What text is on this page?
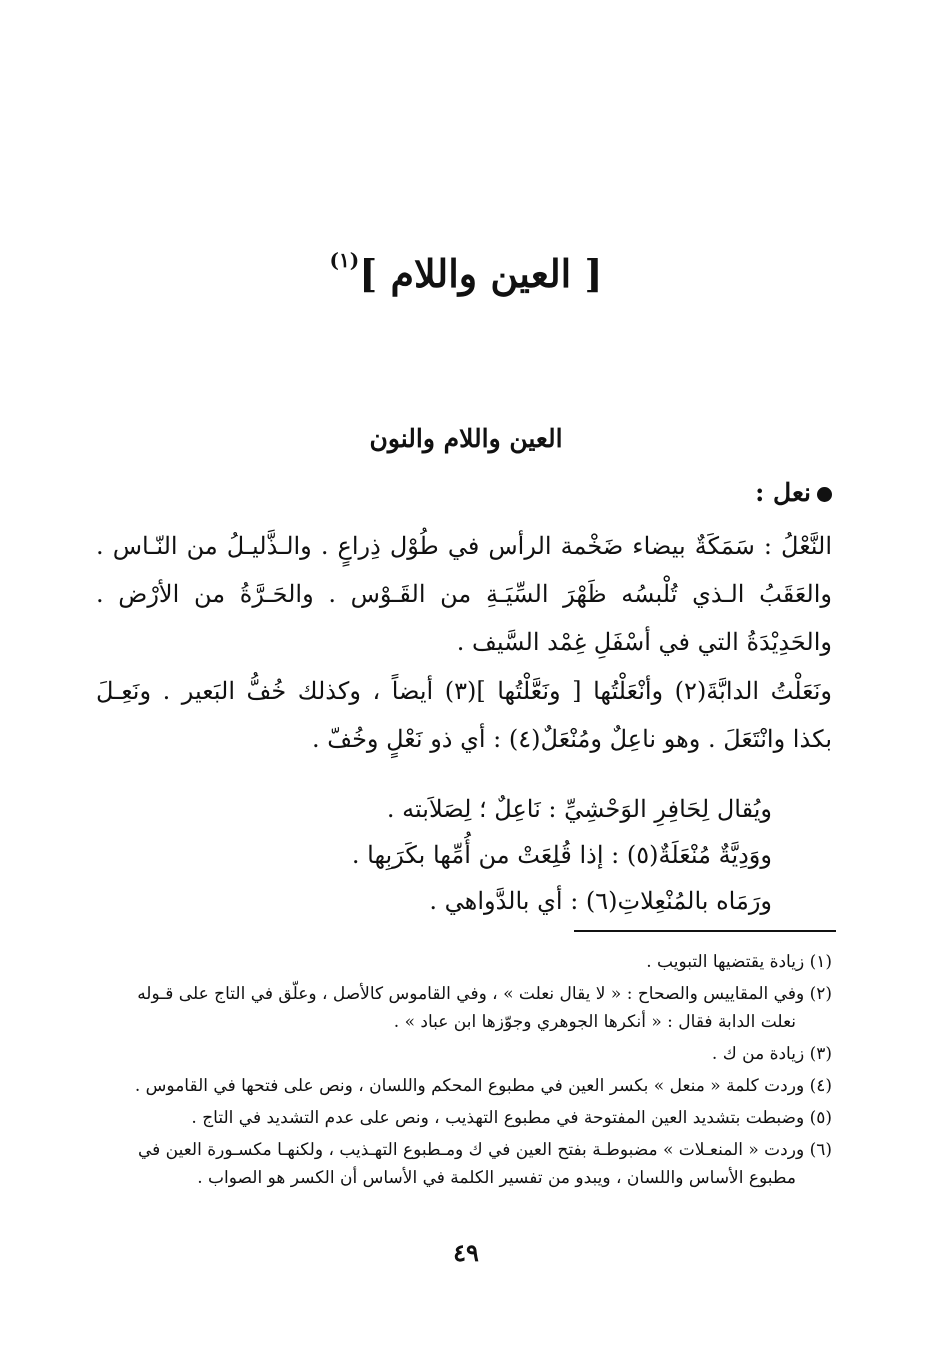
[ العين واللام ]$^{(١)}$
العين واللام والنون
نعل :
النَّعْلُ : سَمَكَةٌ بيضاء ضَخْمة الرأس في طُوْل ذِراعٍ . والـذَّليـلُ من النّـاس . والعَقَبُ الـذي تُلْبسُه ظَهْرَ السِّيَـةِ من القَـوْس . والحَـرَّةُ من الأرْض . والحَدِيْدَةُ التي في أسْفَلِ غِمْد السَّيف .
ونَعَلْتُ الدابَّةَ(٢) وأنْعَلْتُها [ ونَعَّلْتُها ](٣) أيضاً ، وكذلك خُفُّ البَعير . ونَعِـلَ بكذا وانْتَعَلَ . وهو ناعِلٌ ومُنْعَلٌ(٤) : أي ذو نَعْلٍ وخُفّ .
ويُقال لِحَافِرِ الوَحْشِيِّ : نَاعِلٌ ؛ لِصَلاَبته .
ووَدِيَّةٌ مُنْعَلَةٌ(٥) : إذا قُلِعَتْ من أُمِّها بكَرَبِها .
ورَمَاه بالمُنْعِلاتِ(٦) : أي بالدَّواهي .
(١) زيادة يقتضيها التبويب .
(٢) وفي المقاييس والصحاح : « لا يقال نعلت » ، وفي القاموس كالأصل ، وعلّق في التاج على قـوله
نعلت الدابة فقال : « أنكرها الجوهري وجوّزها ابن عباد » .
(٣) زيادة من ك .
(٤) وردت كلمة « منعل » بكسر العين في مطبوع المحكم واللسان ، ونص على فتحها في القاموس .
(٥) وضبطت بتشديد العين المفتوحة في مطبوع التهذيب ، ونص على عدم التشديد في التاج .
(٦) وردت « المنعـلات » مضبوطـة بفتح العين في ك ومـطبوع التهـذيب ، ولكنهـا مكسـورة العين في
مطبوع الأساس واللسان ، ويبدو من تفسير الكلمة في الأساس أن الكسر هو الصواب .
٤٩
